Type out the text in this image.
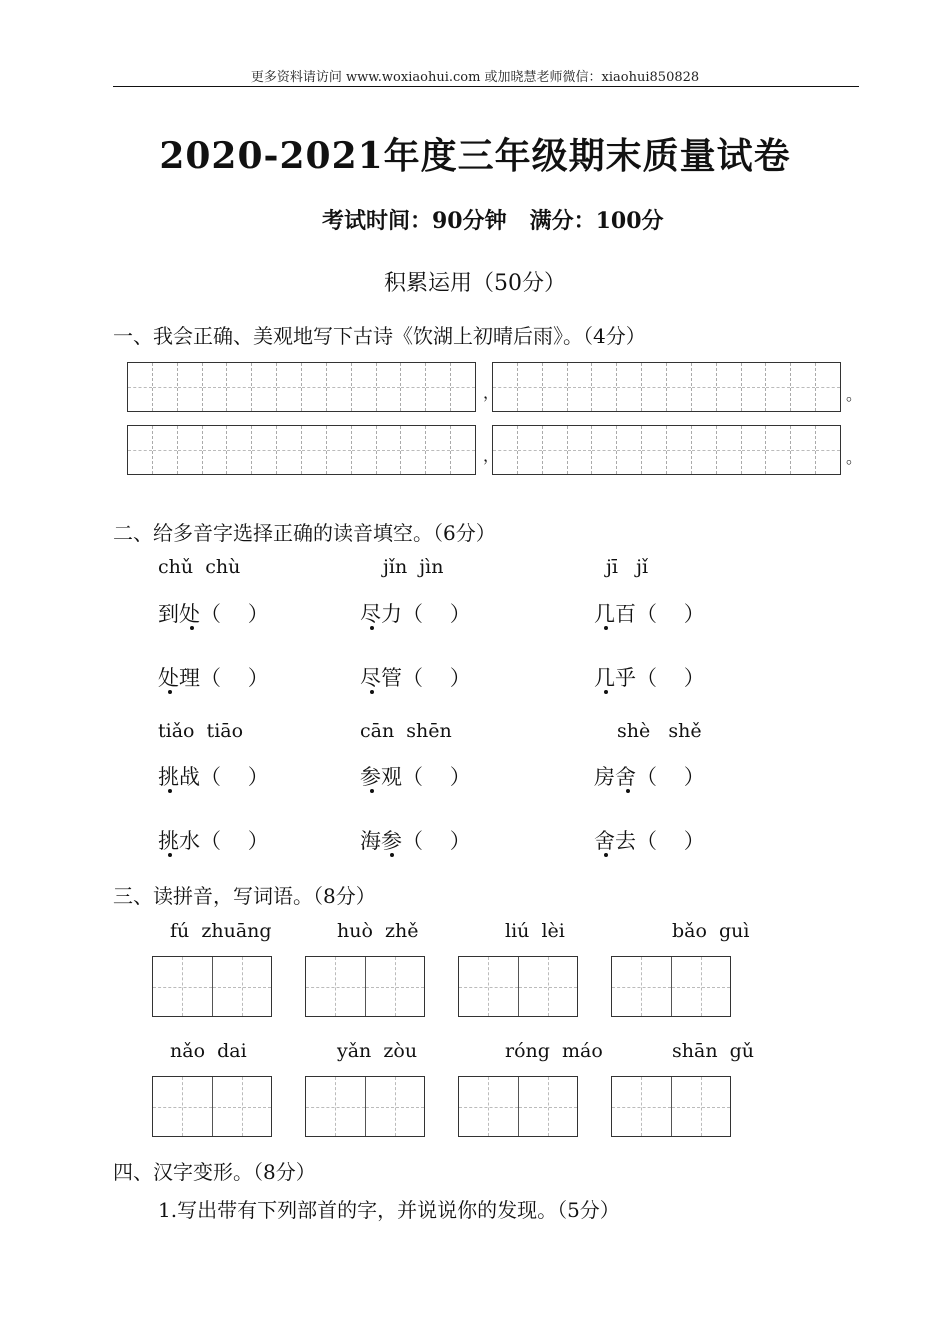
更多资料请访问 www.woxiaohui.com 或加晓慧老师微信：xiaohui850828
2020-2021年度三年级期末质量试卷
考试时间：90分钟   满分：100分
积累运用（50分）
一、我会正确、美观地写下古诗《饮湖上初晴后雨》。（4分）
，	。
，	。
二、给多音字选择正确的读音填空。（6分）
chǔ  chù	jǐn  jìn	jī   jǐ
到处（    ）	尽力（    ）	几百（    ）
处理（    ）	尽管（    ）	几乎（    ）
tiǎo  tiāo	cān  shēn	shè   shě
挑战（    ）	参观（    ）	房舍（    ）
挑水（    ）	海参（    ）	舍去（    ）
三、读拼音，写词语。（8分）
fú  zhuāng	huò  zhě	liú  lèi	bǎo  guì
nǎo  dai	yǎn  zòu	róng  máo	shān  gǔ
四、汉字变形。（8分）
1.写出带有下列部首的字，并说说你的发现。（5分）
